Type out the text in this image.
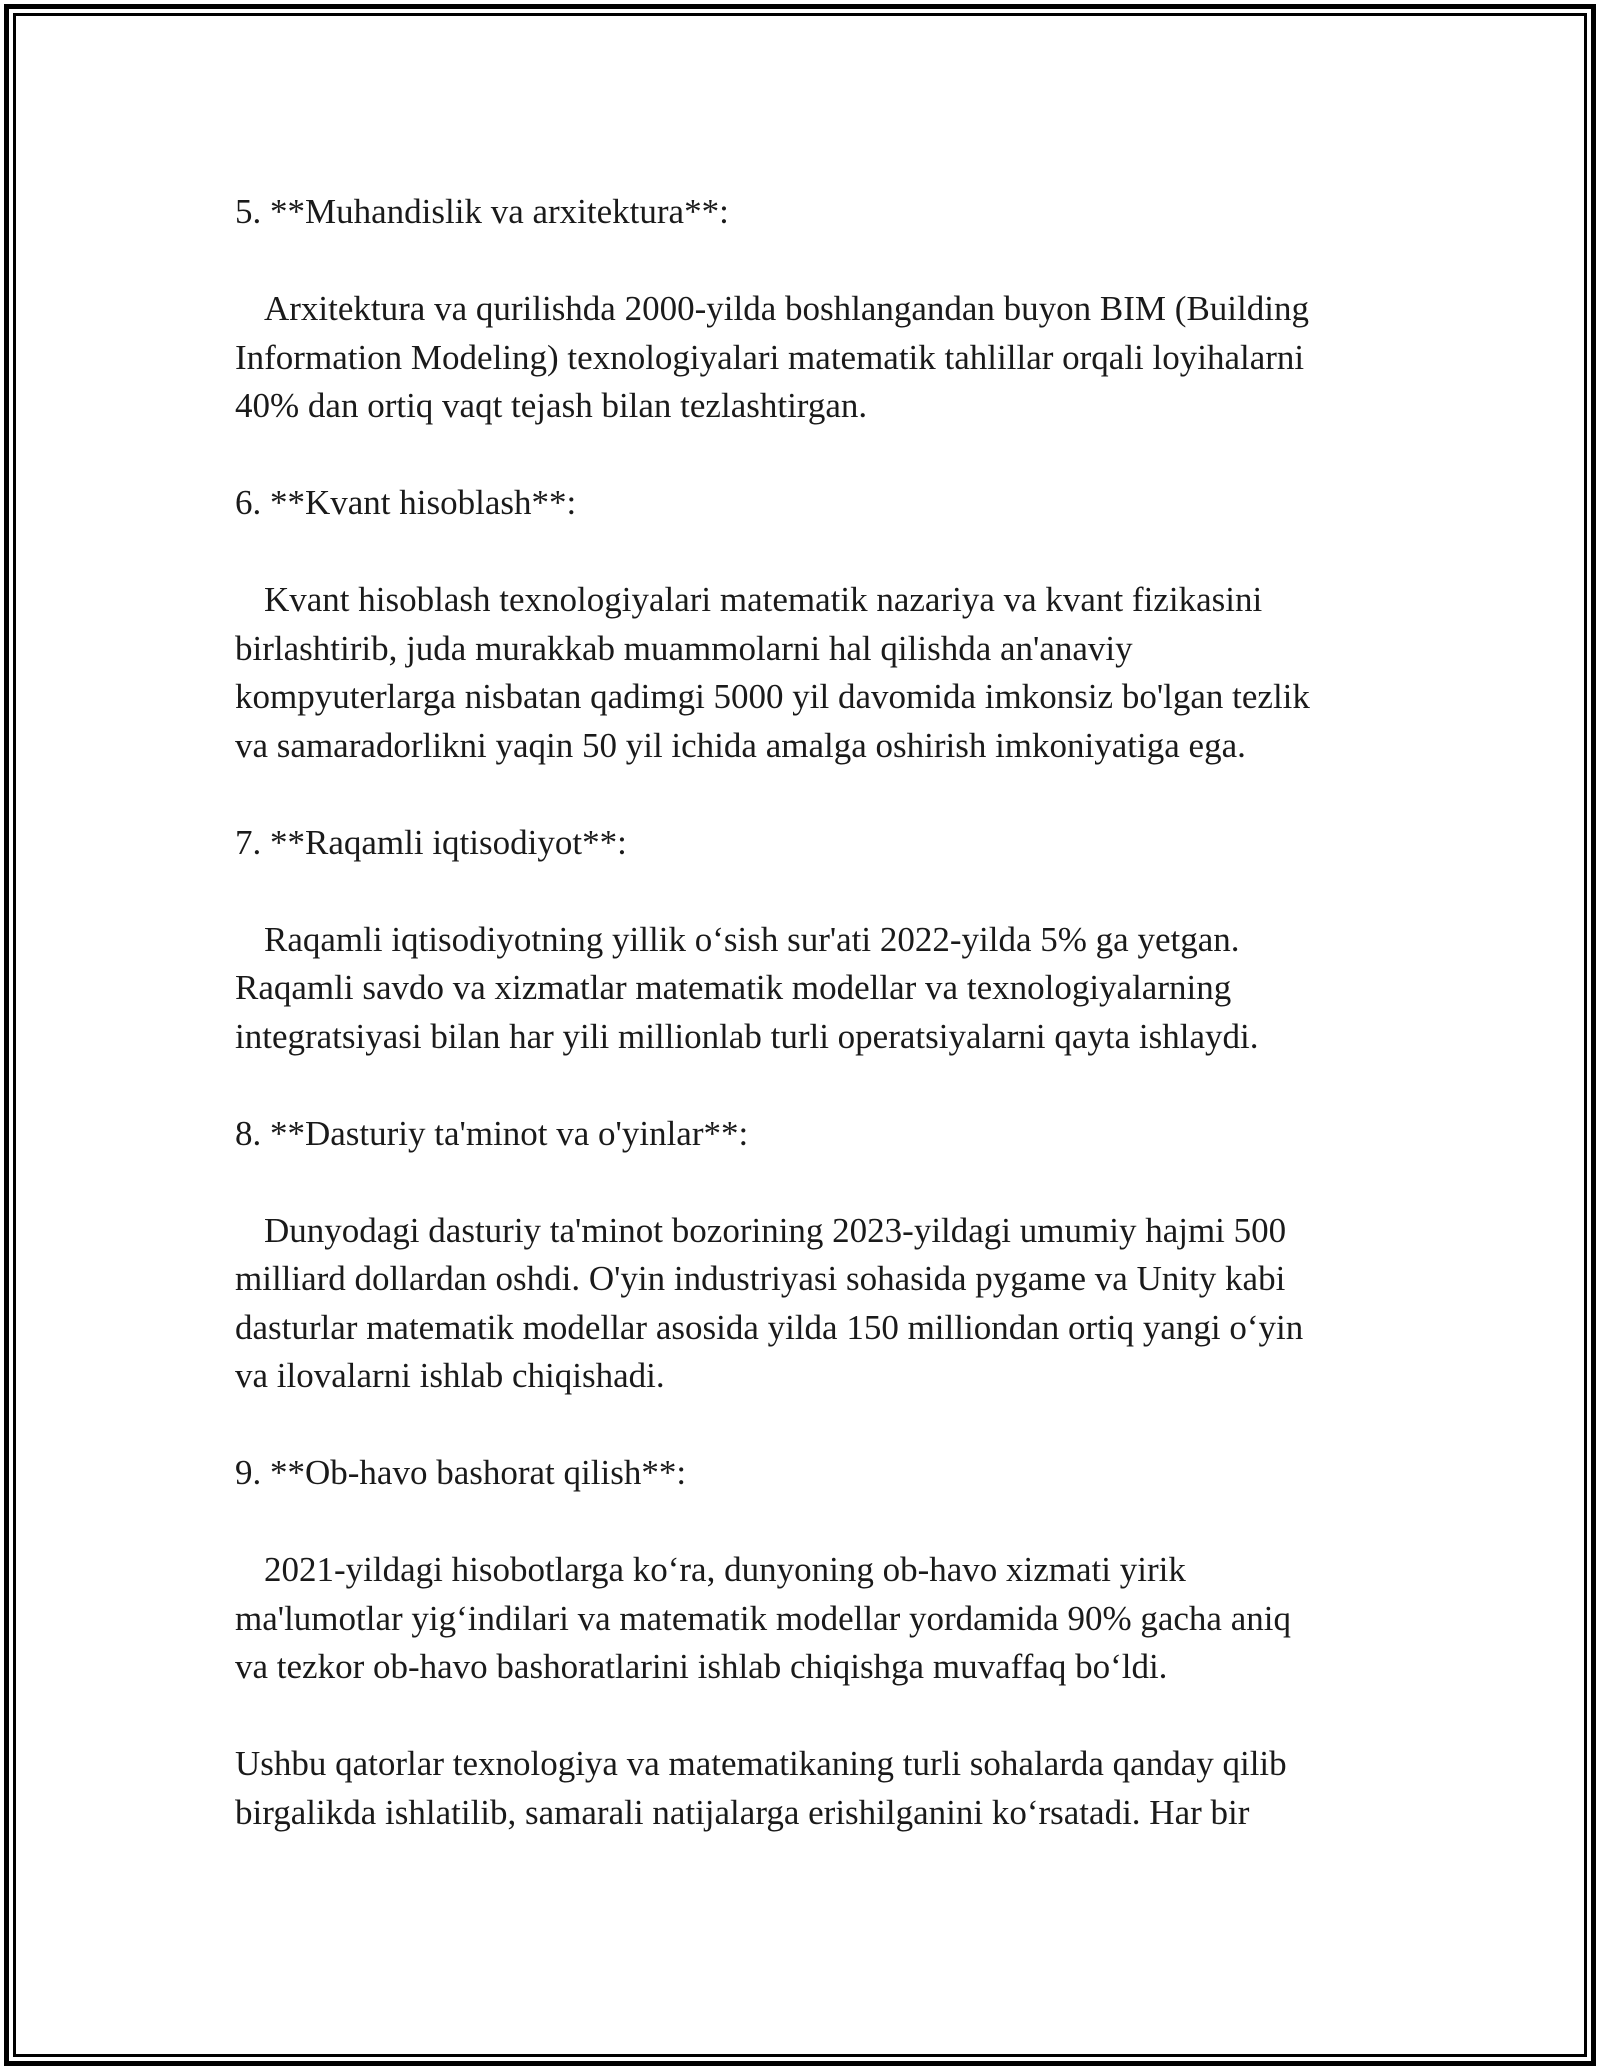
5. **Muhandislik va arxitektura**:
Arxitektura va qurilishda 2000-yilda boshlangandan buyon BIM (Building
Information Modeling) texnologiyalari matematik tahlillar orqali loyihalarni
40% dan ortiq vaqt tejash bilan tezlashtirgan.
6. **Kvant hisoblash**:
Kvant hisoblash texnologiyalari matematik nazariya va kvant fizikasini
birlashtirib, juda murakkab muammolarni hal qilishda an'anaviy
kompyuterlarga nisbatan qadimgi 5000 yil davomida imkonsiz bo'lgan tezlik
va samaradorlikni yaqin 50 yil ichida amalga oshirish imkoniyatiga ega.
7. **Raqamli iqtisodiyot**:
Raqamli iqtisodiyotning yillik o‘sish sur'ati 2022-yilda 5% ga yetgan.
Raqamli savdo va xizmatlar matematik modellar va texnologiyalarning
integratsiyasi bilan har yili millionlab turli operatsiyalarni qayta ishlaydi.
8. **Dasturiy ta'minot va o'yinlar**:
Dunyodagi dasturiy ta'minot bozorining 2023-yildagi umumiy hajmi 500
milliard dollardan oshdi. O'yin industriyasi sohasida pygame va Unity kabi
dasturlar matematik modellar asosida yilda 150 milliondan ortiq yangi o‘yin
va ilovalarni ishlab chiqishadi.
9. **Ob-havo bashorat qilish**:
2021-yildagi hisobotlarga ko‘ra, dunyoning ob-havo xizmati yirik
ma'lumotlar yig‘indilari va matematik modellar yordamida 90% gacha aniq
va tezkor ob-havo bashoratlarini ishlab chiqishga muvaffaq bo‘ldi.
Ushbu qatorlar texnologiya va matematikaning turli sohalarda qanday qilib
birgalikda ishlatilib, samarali natijalarga erishilganini ko‘rsatadi. Har bir
